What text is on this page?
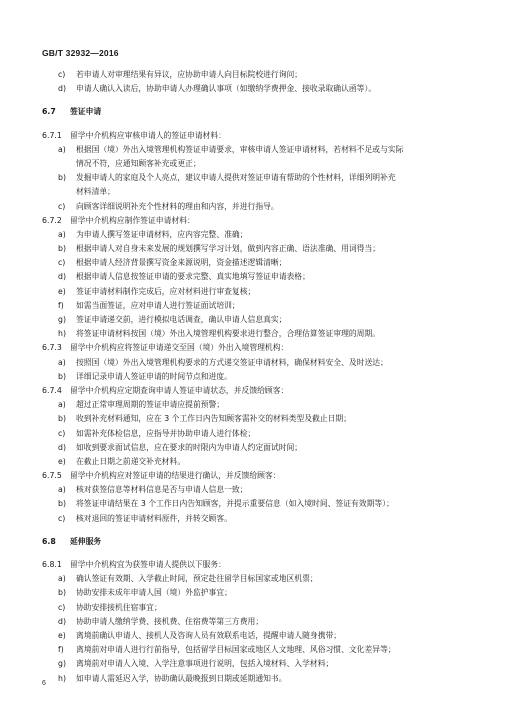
GB/T 32932—2016
c) 若申请人对审理结果有异议，应协助申请人向目标院校进行询问；
d) 申请人确认入读后，协助申请人办理确认事项（如缴纳学费押金、接收录取确认函等）。
6.7 签证申请
6.7.1 留学中介机构应审核申请人的签证申请材料：
a) 根据国（境）外出入境管理机构签证申请要求，审核申请人签证申请材料，若材料不足或与实际
情况不符，应通知顾客补充或更正；
b) 发掘申请人的家庭及个人亮点，建议申请人提供对签证申请有帮助的个性材料，详细列明补充
材料清单；
c) 向顾客详细说明补充个性材料的理由和内容，并进行指导。
6.7.2 留学中介机构应制作签证申请材料：
a) 为申请人撰写签证申请材料，应内容完整、准确；
b) 根据申请人对自身未来发展的规划撰写学习计划，做到内容正确、语法准确、用词得当；
c) 根据申请人经济背景撰写资金来源说明，资金描述逻辑清晰；
d) 根据申请人信息按签证申请的要求完整、真实地填写签证申请表格；
e) 签证申请材料制作完成后，应对材料进行审查复核；
f) 如需当面签证，应对申请人进行签证面试培训；
g) 签证申请递交前，进行模拟电话调查，确认申请人信息真实；
h) 将签证申请材料按国（境）外出入境管理机构要求进行整合，合理估算签证审理的周期。
6.7.3 留学中介机构应将签证申请递交至国（境）外出入境管理机构：
a) 按照国（境）外出入境管理机构要求的方式递交签证申请材料，确保材料安全、及时送达；
b) 详细记录申请人签证申请的时间节点和进度。
6.7.4 留学中介机构应定期查询申请人签证申请状态，并反馈给顾客：
a) 超过正常审理周期的签证申请应提前预警；
b) 收到补充材料通知，应在 3 个工作日内告知顾客需补交的材料类型及截止日期；
c) 如需补充体检信息，应指导并协助申请人进行体检；
d) 如收到要求面试信息，应在要求的时限内为申请人约定面试时间；
e) 在截止日期之前递交补充材料。
6.7.5 留学中介机构应对签证申请的结果进行确认，并反馈给顾客：
a) 核对获签信息等材料信息是否与申请人信息一致；
b) 将签证申请结果在 3 个工作日内告知顾客，并提示重要信息（如入境时间、签证有效期等）；
c) 核对退回的签证申请材料原件，并转交顾客。
6.8 延伸服务
6.8.1 留学中介机构宜为获签申请人提供以下服务：
a) 确认签证有效期、入学截止时间，预定赴往留学目标国家或地区机票；
b) 协助安排未成年申请人国（境）外监护事宜；
c) 协助安排接机住宿事宜；
d) 协助申请人缴纳学费、接机费、住宿费等第三方费用；
e) 离境前确认申请人、接机人及咨询人员有效联系电话，提醒申请人随身携带；
f) 离境前对申请人进行行前指导，包括留学目标国家或地区人文地理、风俗习惯、文化差异等；
g) 离境前对申请人入境、入学注意事项进行说明，包括入境材料、入学材料；
h) 如申请人需延迟入学，协助确认最晚报到日期或延期通知书。
6
